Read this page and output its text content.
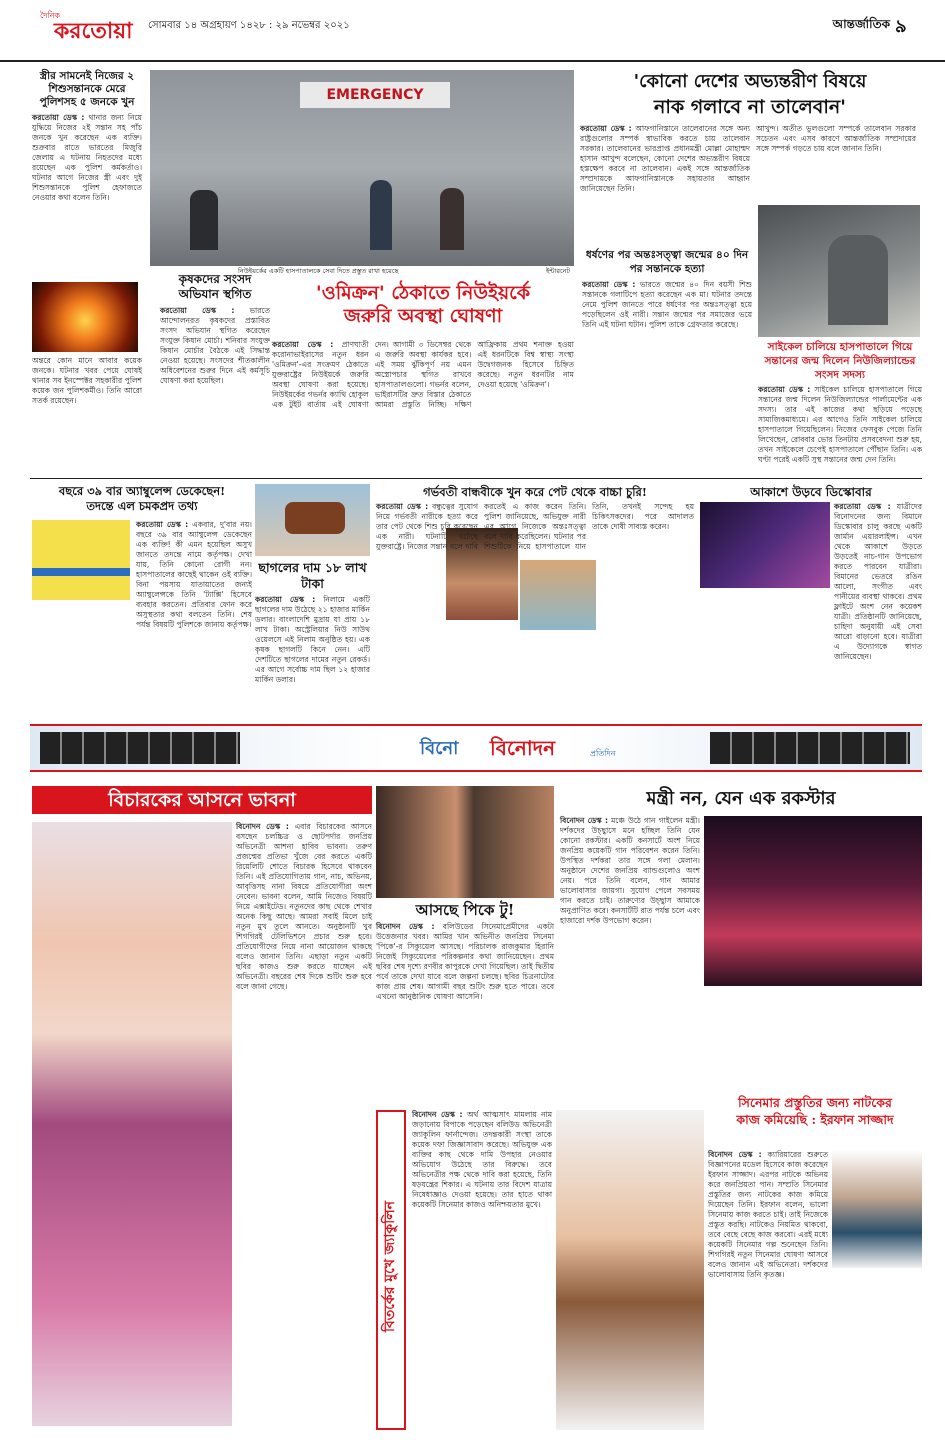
দৈনিক
করতোয়া সোমবার ১৪ অগ্রহায়ণ ১৪২৮ : ২৯ নভেম্বর ২০২১	আন্তর্জাতিক ৯
স্ত্রীর সামনেই নিজের ২ শিশুসন্তানকে মেরে পুলিশসহ ৫ জনকে খুন
করতোয়া ডেস্ক : থানার জন্য নিয়ে যুদ্ধিয়ে নিজের ২ই সন্তান সহ পাঁচ জনকে খুন করেছেন এক ব্যক্তি। শুক্রবার রাতে ভারতের মিজুরি জেলায় এ ঘটনায় নিহতদের মধ্যে রয়েছেন এক পুলিশ কর্মকর্তাও। ঘটনার আগে নিজের স্ত্রী এবং দুই শিশুসন্তানকে পুলিশ হেফাজতে নেওয়ার কথা বলেন তিনি।
অন্তরে কোন মানে আবার কয়েক জনকে। ঘটনার খবর পেয়ে ঘোষই থানার সব ইনস্পেক্টর সহকারীর পুলিশ কয়েক জন পুলিশকর্মীও। তিনি আরো সতর্ক রয়েছেন।
কৃষকদের সংসদ অভিযান স্থগিত
করতোয়া ডেস্ক : ভারতে আন্দোলনরত কৃষকদের প্রস্তাবিত সংসদ অভিযান স্থগিত করেছেন সংযুক্ত কিষান মোর্চা। শনিবার সংযুক্ত কিষান মোর্চার বৈঠকে এই সিদ্ধান্ত নেওয়া হয়েছে। সংসদের শীতকালীন অধিবেশনের শুরুর দিনে এই কর্মসূচি ঘোষণা করা হয়েছিল।
EMERGENCY
নিউইয়র্কের একটি হাসপাতালকে সেবা দিতে প্রস্তুত রাখা হয়েছে	ইন্টারনেট
'ওমিক্রন' ঠেকাতে নিউইয়র্কে
জরুরি অবস্থা ঘোষণা
করতোয়া ডেস্ক : প্রাণঘাতী করোনাভাইরাসের নতুন ধরন 'ওমিক্রন'-এর সংক্রমণ ঠেকাতে যুক্তরাষ্ট্রের নিউইয়র্কে জরুরি অবস্থা ঘোষণা করা হয়েছে। নিউইয়র্কের গভর্নর ক্যাথি হোকুল এক টুইট বার্তায় এই ঘোষণা দেন। আগামী ৩ ডিসেম্বর থেকে এ জরুরি অবস্থা কার্যকর হবে। এই সময় ঝুঁকিপূর্ণ নয় এমন অস্ত্রোপচার স্থগিত রাখবে হাসপাতালগুলো। গভর্নর বলেন, ভাইরাসটির দ্রুত বিস্তার ঠেকাতে আমরা প্রস্তুতি নিচ্ছি। দক্ষিণ আফ্রিকায় প্রথম শনাক্ত হওয়া এই ধরনটিকে বিশ্ব স্বাস্থ্য সংস্থা উদ্বেগজনক হিসেবে চিহ্নিত করেছে। নতুন ধরনটির নাম দেওয়া হয়েছে 'ওমিক্রন'।
'কোনো দেশের অভ্যন্তরীণ বিষয়ে
নাক গলাবে না তালেবান'
করতোয়া ডেস্ক : আফগানিস্তানে তালেবানের সঙ্গে অন্য রাষ্ট্রগুলোর সম্পর্ক স্বাভাবিক করতে চায় তালেবান সরকার। তালেবানের ভারপ্রাপ্ত প্রধানমন্ত্রী মোল্লা মোহাম্মদ হাসান আখুন্দ বলেছেন, কোনো দেশের অভ্যন্তরীণ বিষয়ে হস্তক্ষেপ করবে না তালেবান। একই সঙ্গে আন্তর্জাতিক সম্প্রদায়কে আফগানিস্তানকে সহায়তার আহ্বান জানিয়েছেন তিনি।
আখুন্দ। অতীত ভুলগুলো সম্পর্কে তালেবান সরকার সচেতন এবং এসব কারণে আন্তর্জাতিক সম্প্রদায়ের সঙ্গে সম্পর্ক গড়তে চায় বলে জানান তিনি।
ধর্ষণের পর অন্তঃসত্ত্বা জন্মের ৪০ দিন পর সন্তানকে হত্যা
করতোয়া ডেস্ক : ভারতে জন্মের ৪০ দিন বয়সী শিশু সন্তানকে গলাটিপে হত্যা করেছেন এক মা। ঘটনার তদন্তে নেমে পুলিশ জানতে পারে ধর্ষণের পর অন্তঃসত্ত্বা হয়ে পড়েছিলেন ওই নারী। সন্তান জন্মের পর সমাজের ভয়ে তিনি এই ঘটনা ঘটান। পুলিশ তাকে গ্রেফতার করেছে।
সাইকেল চালিয়ে হাসপাতালে গিয়ে সন্তানের জন্ম দিলেন নিউজিল্যান্ডের সংসদ সদস্য
করতোয়া ডেস্ক : সাইকেল চালিয়ে হাসপাতালে গিয়ে সন্তানের জন্ম দিলেন নিউজিল্যান্ডের পার্লামেন্টের এক সদস্য। তার এই কাজের কথা ছড়িয়ে পড়েছে সামাজিকমাধ্যমে। এর আগেও তিনি সাইকেল চালিয়ে হাসপাতালে গিয়েছিলেন। নিজের ফেসবুক পেজে তিনি লিখেছেন, রোববার ভোর তিনটায় প্রসববেদনা শুরু হয়, তখন সাইকেলে চেপেই হাসপাতালে পৌঁছান তিনি। এক ঘণ্টা পরেই একটি সুস্থ সন্তানের জন্ম দেন তিনি।
বছরে ৩৯ বার অ্যাম্বুলেন্স ডেকেছেন!
তদন্তে এল চমকপ্রদ তথ্য
করতোয়া ডেস্ক : একবার, দু'বার নয়। বছরে ৩৯ বার অ্যাম্বুলেন্স ডেকেছেন এক ব্যক্তি! কী এমন হয়েছিল অসুখ জানতে তদন্তে নামে কর্তৃপক্ষ। দেখা যায়, তিনি কোনো রোগী নন। হাসপাতালের কাছেই থাকেন ওই ব্যক্তি। বিনা পয়সায় যাতায়াতের জন্যই অ্যাম্বুলেন্সকে তিনি 'ট্যাক্সি' হিসেবে ব্যবহার করতেন। প্রতিবার ফোন করে অসুস্থতার কথা বলতেন তিনি। শেষ পর্যন্ত বিষয়টি পুলিশকে জানায় কর্তৃপক্ষ।
ছাগলের দাম ১৮ লাখ টাকা
করতোয়া ডেস্ক : নিলামে একটি ছাগলের দাম উঠেছে ২১ হাজার মার্কিন ডলার। বাংলাদেশি মুদ্রায় যা প্রায় ১৮ লাখ টাকা। অস্ট্রেলিয়ার নিউ সাউথ ওয়েলসে এই নিলাম অনুষ্ঠিত হয়। এক কৃষক ছাগলটি কিনে নেন। এটি দেশটিতে ছাগলের দামের নতুন রেকর্ড। এর আগে সর্বোচ্চ দাম ছিল ১২ হাজার মার্কিন ডলার।
গর্ভবতী বান্ধবীকে খুন করে পেট থেকে বাচ্চা চুরি!
করতোয়া ডেস্ক : বন্ধুত্বের সুযোগ নিয়ে গর্ভবতী নারীকে হত্যা করে তার পেট থেকে শিশু চুরি করেছেন এক নারী। ঘটনাটি ঘটেছে যুক্তরাষ্ট্রে। নিজের সন্তান বলে দাবি করতেই এ কাজ করেন তিনি। পুলিশ জানিয়েছে, অভিযুক্ত নারী এর আগে নিজেকে অন্তঃসত্ত্বা বলে দাবি করেছিলেন। ঘটনার পর শিশুটিকে নিয়ে হাসপাতালে যান তিনি, তখনই সন্দেহ হয় চিকিৎসকদের। পরে আদালত তাকে দোষী সাব্যস্ত করেন।
আকাশে উড়বে ডিস্কোবার
করতোয়া ডেস্ক : যাত্রীদের বিনোদনের জন্য বিমানে ডিস্কোবার চালু করছে একটি জার্মান এয়ারলাইন্স। এখন থেকে আকাশে উড়তে উড়তেই নাচ-গান উপভোগ করতে পারবেন যাত্রীরা। বিমানের ভেতরে রঙিন আলো, সংগীত এবং পানীয়ের ব্যবস্থা থাকবে। প্রথম ফ্লাইটে অংশ নেন কয়েকশ যাত্রী। প্রতিষ্ঠানটি জানিয়েছে, চাহিদা অনুযায়ী এই সেবা আরো বাড়ানো হবে। যাত্রীরা এ উদ্যোগকে স্বাগত জানিয়েছেন।
বিনো	বিনোদন	প্রতিদিন
বিচারকের আসনে ভাবনা
বিনোদন ডেস্ক : এবার বিচারকের আসনে বসছেন চলচ্চিত্র ও ছোটপর্দার জনপ্রিয় অভিনেত্রী আশনা হাবিব ভাবনা। তরুণ প্রজন্মের প্রতিভা খুঁজে বের করতে একটি রিয়েলিটি শোতে বিচারক হিসেবে থাকবেন তিনি। এই প্রতিযোগিতায় গান, নাচ, অভিনয়, আবৃত্তিসহ নানা বিষয়ে প্রতিযোগীরা অংশ নেবেন। ভাবনা বলেন, আমি নিজেও বিষয়টি নিয়ে এক্সাইটেড। নতুনদের কাছ থেকে শেখার অনেক কিছু আছে। আমরা সবাই মিলে চাই নতুন মুখ তুলে আনতে। অনুষ্ঠানটি খুব শিগগিরই টেলিভিশনে প্রচার শুরু হবে। প্রতিযোগীদের নিয়ে নানা আয়োজন থাকছে বলেও জানান তিনি। এছাড়া নতুন একটি ছবির কাজও শুরু করতে যাচ্ছেন এই অভিনেত্রী। বছরের শেষ দিকে শুটিং শুরু হবে বলে জানা গেছে।
আসছে পিকে টু!
বিনোদন ডেস্ক : বলিউডের সিনেমাপ্রেমীদের একটা উত্তেজনার খবর। আমির খান অভিনীত জনপ্রিয় সিনেমা 'পিকে'-র সিক্যুয়েল আসছে। পরিচালক রাজকুমার হিরানি নিজেই সিক্যুয়েলের পরিকল্পনার কথা জানিয়েছেন। প্রথম ছবির শেষ দৃশ্যে রণবীর কাপুরকে দেখা গিয়েছিল। তাই দ্বিতীয় পর্বে তাকে দেখা যাবে বলে জল্পনা চলছে। ছবির চিত্রনাট্যের কাজ প্রায় শেষ। আগামী বছর শুটিং শুরু হতে পারে। তবে এখনো আনুষ্ঠানিক ঘোষণা আসেনি।
মন্ত্রী নন, যেন এক রকস্টার
বিনোদন ডেস্ক : মঞ্চে উঠে গান গাইলেন মন্ত্রী। দর্শকদের উচ্ছ্বাসে মনে হচ্ছিল তিনি যেন কোনো রকস্টার। একটি কনসার্টে অংশ নিয়ে জনপ্রিয় কয়েকটি গান পরিবেশন করেন তিনি। উপস্থিত দর্শকরা তার সঙ্গে গলা মেলান। অনুষ্ঠানে দেশের জনপ্রিয় ব্যান্ডগুলোও অংশ নেয়। পরে তিনি বলেন, গান আমার ভালোবাসার জায়গা। সুযোগ পেলে সবসময় গান করতে চাই। তারুণ্যের উচ্ছ্বাস আমাকে অনুপ্রাণিত করে। কনসার্টটি রাত পর্যন্ত চলে এবং হাজারো দর্শক উপভোগ করেন।
বিতর্কের মুখে জ্যাকুলিন
বিনোদন ডেস্ক : অর্থ আত্মসাৎ মামলায় নাম জড়ানোয় বিপাকে পড়েছেন বলিউড অভিনেত্রী জ্যাকুলিন ফার্নান্দেজ। তদন্তকারী সংস্থা তাকে কয়েক দফা জিজ্ঞাসাবাদ করেছে। অভিযুক্ত এক ব্যক্তির কাছ থেকে দামি উপহার নেওয়ার অভিযোগ উঠেছে তার বিরুদ্ধে। তবে অভিনেত্রীর পক্ষ থেকে দাবি করা হয়েছে, তিনি ষড়যন্ত্রের শিকার। এ ঘটনায় তার বিদেশ যাত্রায় নিষেধাজ্ঞাও দেওয়া হয়েছে। তার হাতে থাকা কয়েকটি সিনেমার কাজও অনিশ্চয়তার মুখে।
সিনেমার প্রস্তুতির জন্য নাটকের
কাজ কমিয়েছি : ইরফান সাজ্জাদ
বিনোদন ডেস্ক : ক্যারিয়ারের শুরুতে বিজ্ঞাপনের মডেল হিসেবে কাজ করেছেন ইরফান সাজ্জাদ। এরপর নাটকে অভিনয় করে জনপ্রিয়তা পান। সম্প্রতি সিনেমার প্রস্তুতির জন্য নাটকের কাজ কমিয়ে দিয়েছেন তিনি। ইরফান বলেন, ভালো সিনেমায় কাজ করতে চাই। তাই নিজেকে প্রস্তুত করছি। নাটকেও নিয়মিত থাকবো, তবে বেছে বেছে কাজ করবো। এরই মধ্যে কয়েকটি সিনেমার গল্প শুনেছেন তিনি। শিগগিরই নতুন সিনেমার ঘোষণা আসবে বলেও জানান এই অভিনেতা। দর্শকদের ভালোবাসায় তিনি কৃতজ্ঞ।
